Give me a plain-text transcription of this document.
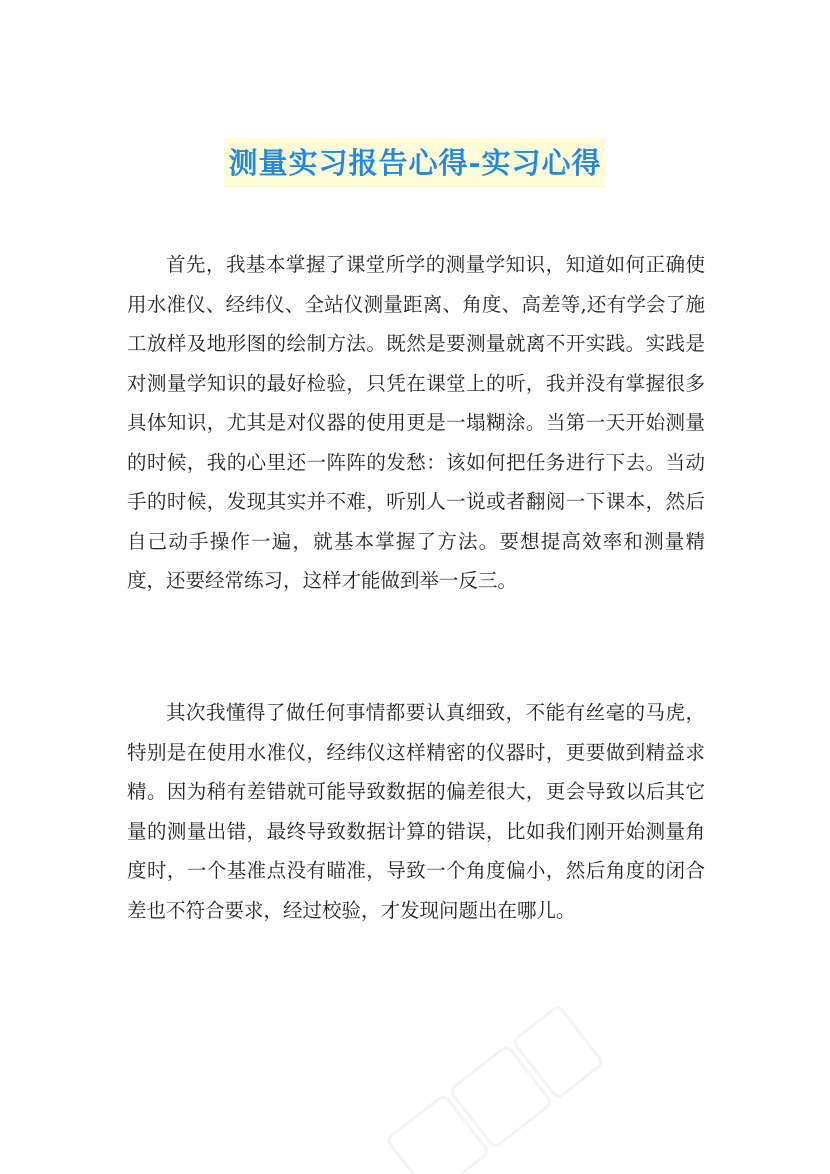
测量实习报告心得-实习心得

首先，我基本掌握了课堂所学的测量学知识，知道如何正确使用水准仪、经纬仪、全站仪测量距离、角度、高差等,还有学会了施工放样及地形图的绘制方法。既然是要测量就离不开实践。实践是对测量学知识的最好检验，只凭在课堂上的听，我并没有掌握很多具体知识，尤其是对仪器的使用更是一塌糊涂。当第一天开始测量的时候，我的心里还一阵阵的发愁：该如何把任务进行下去。当动手的时候，发现其实并不难，听别人一说或者翻阅一下课本，然后自己动手操作一遍，就基本掌握了方法。要想提高效率和测量精度，还要经常练习，这样才能做到举一反三。

其次我懂得了做任何事情都要认真细致，不能有丝毫的马虎，特别是在使用水准仪，经纬仪这样精密的仪器时，更要做到精益求精。因为稍有差错就可能导致数据的偏差很大，更会导致以后其它量的测量出错，最终导致数据计算的错误，比如我们刚开始测量角度时，一个基准点没有瞄准，导致一个角度偏小，然后角度的闭合差也不符合要求，经过校验，才发现问题出在哪儿。
